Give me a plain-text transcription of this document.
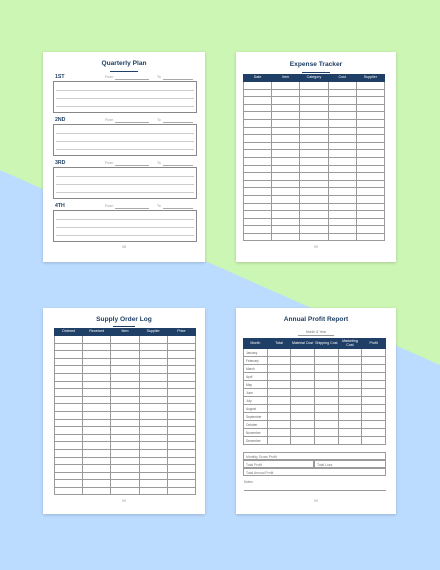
Quarterly Plan
1ST	From	To
2ND	From	To
3RD	From	To
4TH	From	To
08
Expense Tracker
Date	Item	Category	Cost	Supplier

09
Supply Order Log
Ordered	Received	Item	Supplier	Price

09
Annual Profit Report
Month & Year
Month	Total	Material Cost	Shipping Cost	Marketing Cost	Profit
January					
February					
March					
April					
May					
June					
July					
August					
September					
October					
November					
December					
Monthly Gross Profit
Total Profit	Total Loss
Total Annual Profit
Notes
09
